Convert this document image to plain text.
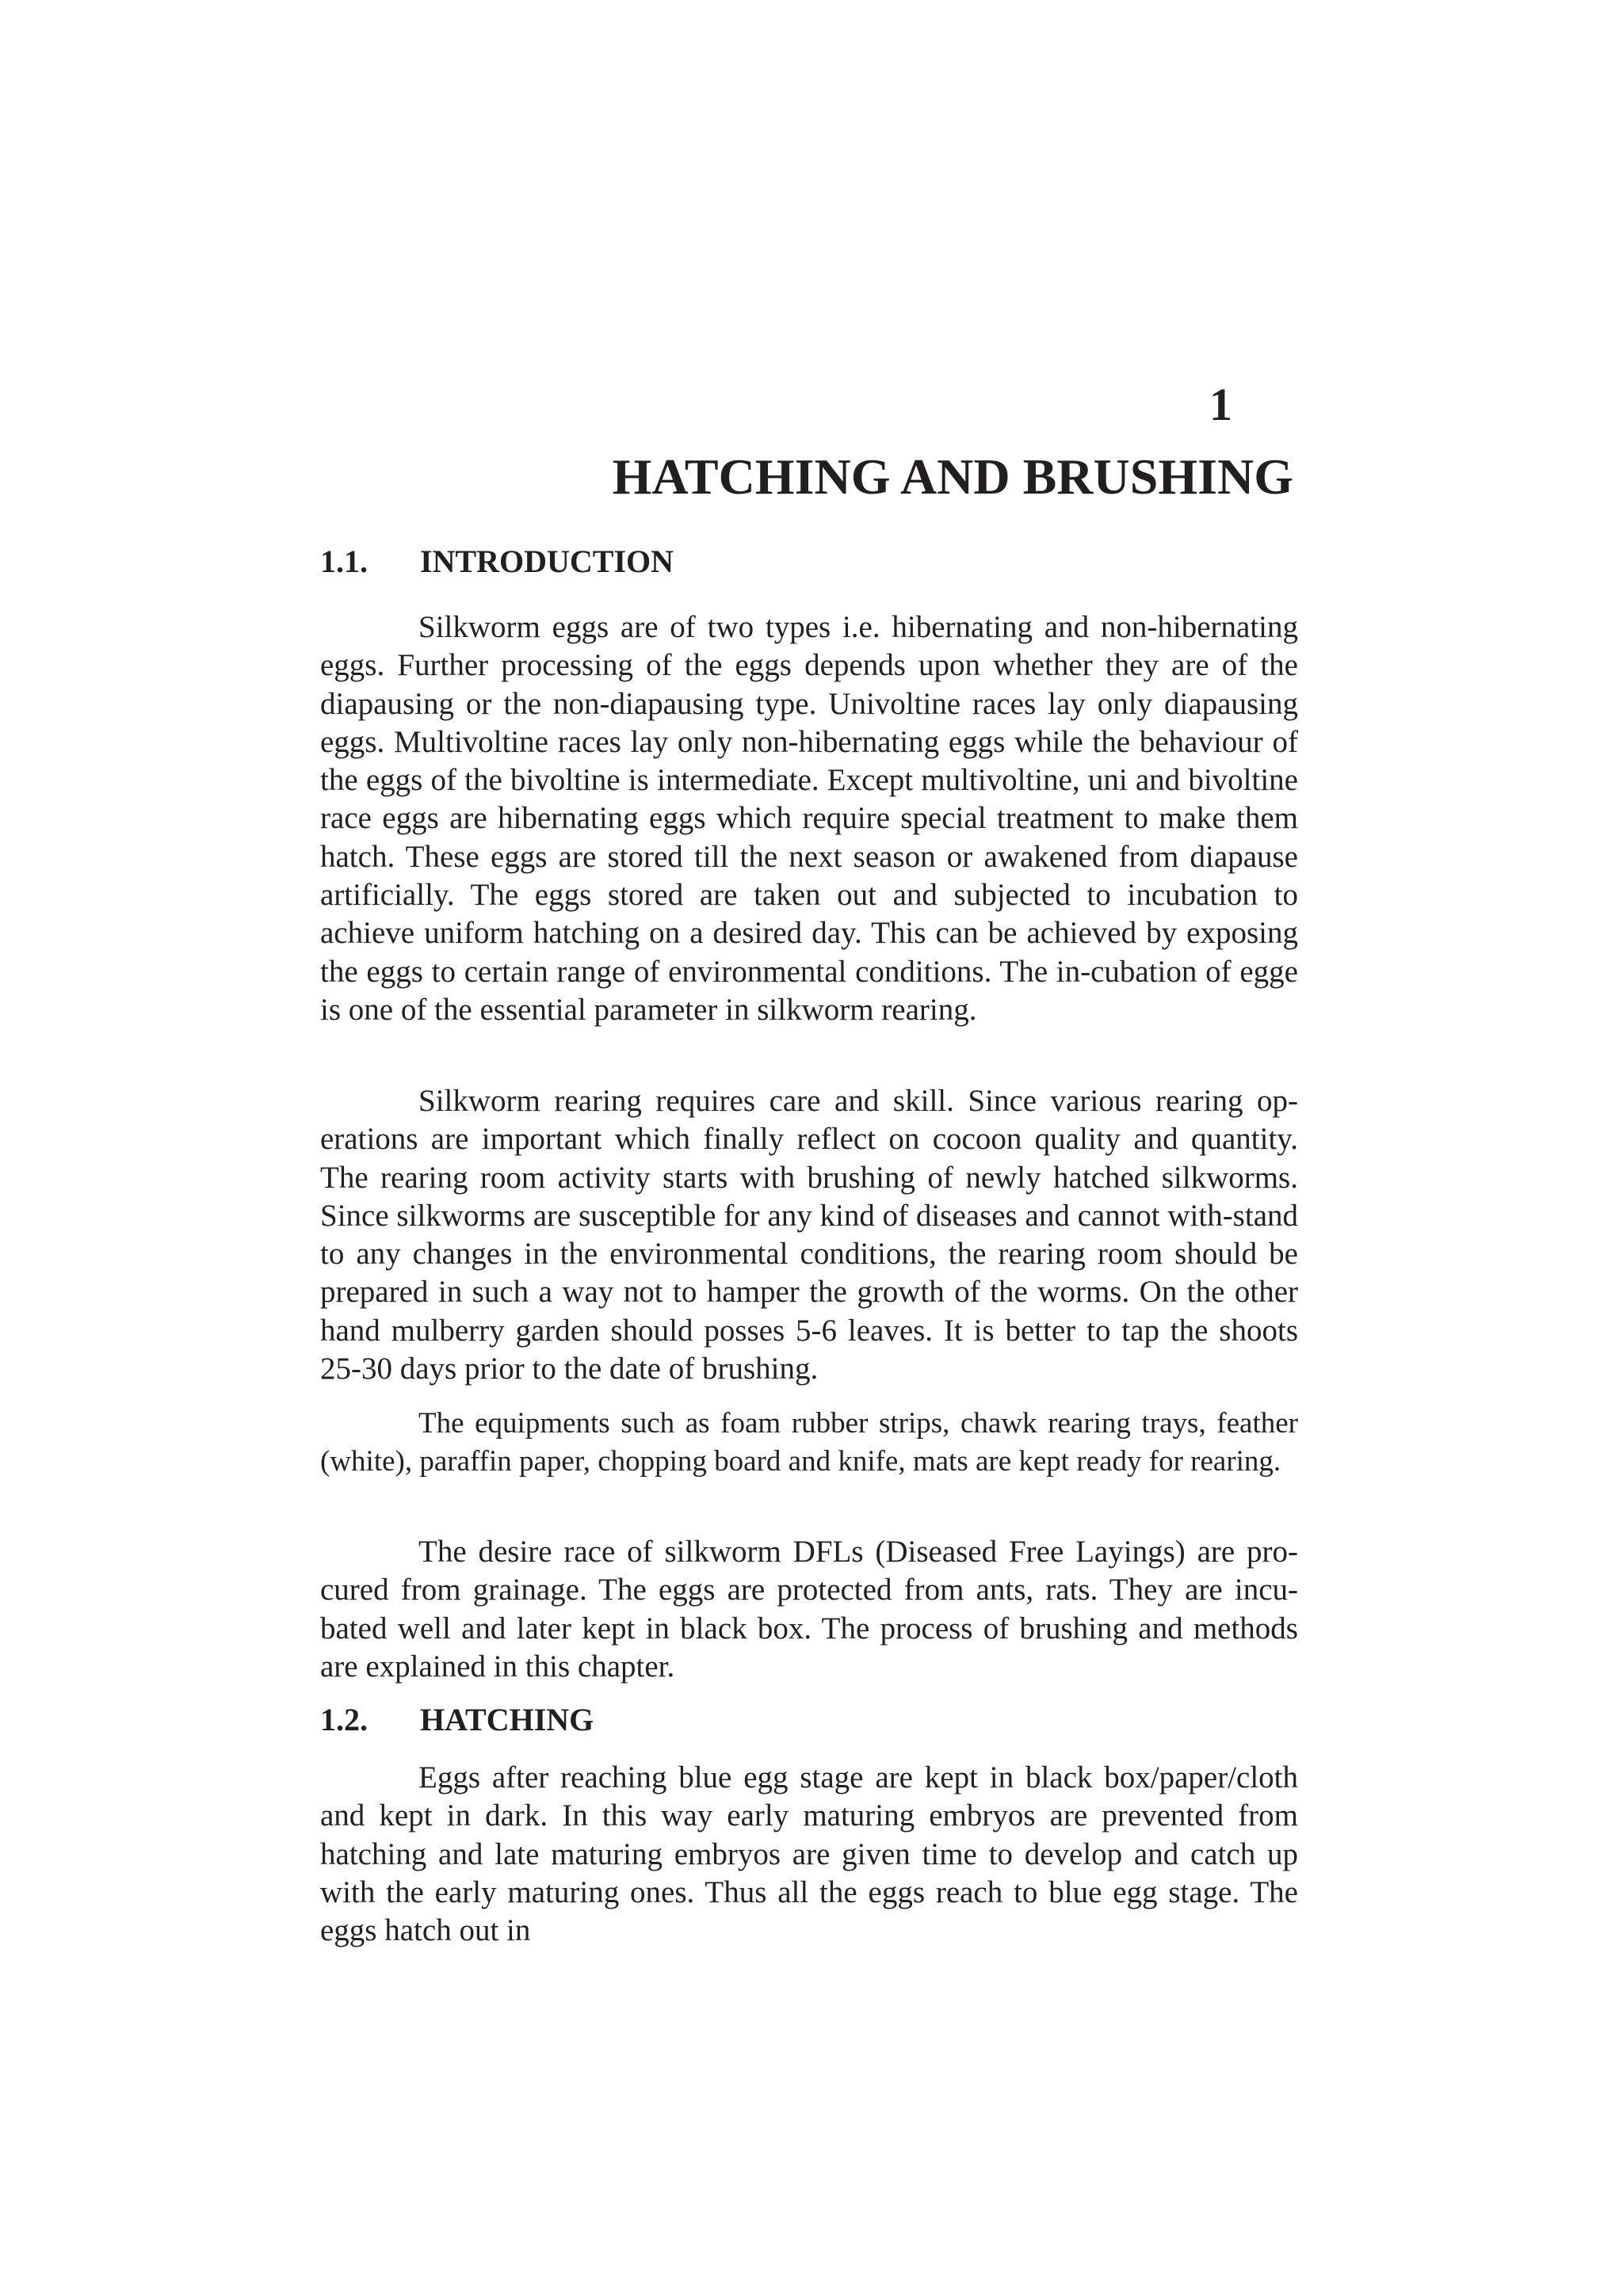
1
HATCHING AND BRUSHING
1.1. INTRODUCTION

Silkworm eggs are of two types i.e. hibernating and non-hibernating eggs. Further processing of the eggs depends upon whether they are of the diapausing or the non-diapausing type. Univoltine races lay only diapausing eggs. Multivoltine races lay only non-hibernating eggs while the behaviour of the eggs of the bivoltine is intermediate. Except multivoltine, uni and bivoltine race eggs are hibernating eggs which require special treatment to make them hatch. These eggs are stored till the next season or awakened from diapause artificially. The eggs stored are taken out and subjected to incubation to achieve uniform hatching on a desired day. This can be achieved by exposing the eggs to certain range of environmental conditions. The in-cubation of egge is one of the essential parameter in silkworm rearing.

Silkworm rearing requires care and skill. Since various rearing op-erations are important which finally reflect on cocoon quality and quantity. The rearing room activity starts with brushing of newly hatched silkworms. Since silkworms are susceptible for any kind of diseases and cannot with-stand to any changes in the environmental conditions, the rearing room should be prepared in such a way not to hamper the growth of the worms. On the other hand mulberry garden should posses 5-6 leaves. It is better to tap the shoots 25-30 days prior to the date of brushing.

The equipments such as foam rubber strips, chawk rearing trays, feather (white), paraffin paper, chopping board and knife, mats are kept ready for rearing.

The desire race of silkworm DFLs (Diseased Free Layings) are pro-cured from grainage. The eggs are protected from ants, rats. They are incu-bated well and later kept in black box. The process of brushing and methods are explained in this chapter.

1.2. HATCHING

Eggs after reaching blue egg stage are kept in black box/paper/cloth and kept in dark. In this way early maturing embryos are prevented from hatching and late maturing embryos are given time to develop and catch up with the early maturing ones. Thus all the eggs reach to blue egg stage. The eggs hatch out in
